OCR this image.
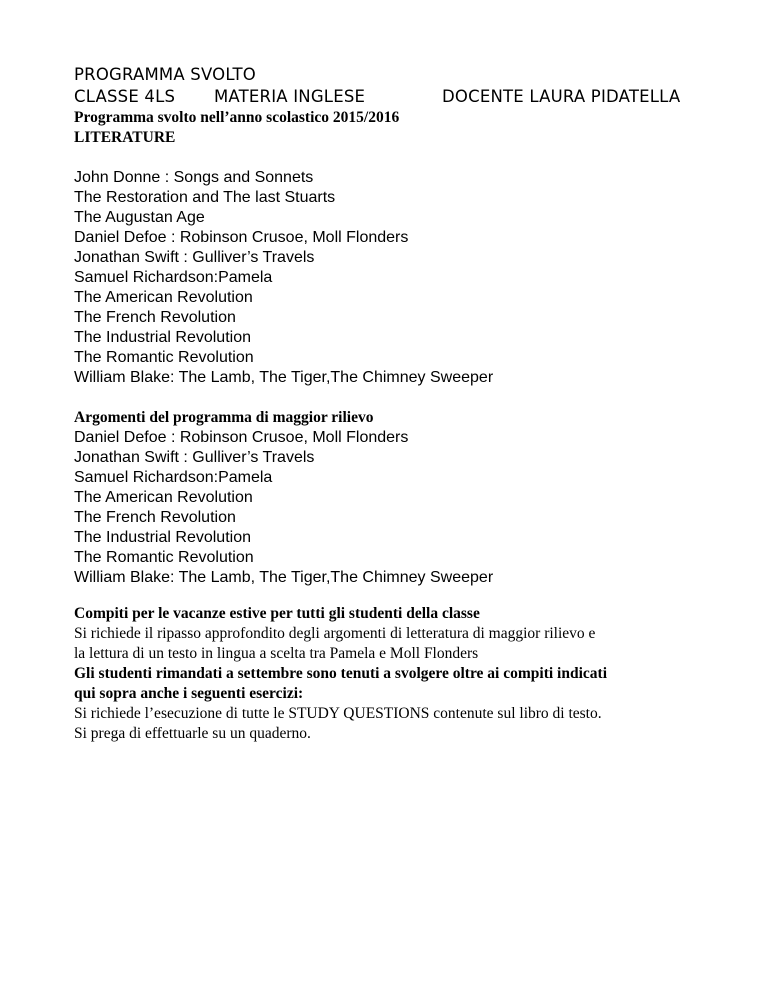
PROGRAMMA SVOLTO
CLASSE 4LS MATERIA INGLESE	DOCENTE LAURA PIDATELLA
Programma svolto nell’anno scolastico 2015/2016
LITERATURE
John Donne : Songs and Sonnets
The Restoration and The last Stuarts
The Augustan Age
Daniel Defoe : Robinson Crusoe, Moll Flonders
Jonathan Swift : Gulliver’s Travels
Samuel Richardson:Pamela
The American Revolution
The French Revolution
The Industrial Revolution
The Romantic Revolution
William Blake: The Lamb, The Tiger,The Chimney Sweeper
Argomenti del programma di maggior rilievo
Daniel Defoe : Robinson Crusoe, Moll Flonders
Jonathan Swift : Gulliver’s Travels
Samuel Richardson:Pamela
The American Revolution
The French Revolution
The Industrial Revolution
The Romantic Revolution
William Blake: The Lamb, The Tiger,The Chimney Sweeper
Compiti per le vacanze estive per tutti gli studenti della classe
Si richiede il ripasso approfondito degli argomenti di letteratura di maggior rilievo e
la lettura di un testo in lingua a scelta tra Pamela e Moll Flonders
Gli studenti rimandati a settembre sono tenuti a svolgere oltre ai compiti indicati
qui sopra anche i seguenti esercizi:
Si richiede l’esecuzione di tutte le STUDY QUESTIONS contenute sul libro di testo.
Si prega di effettuarle su un quaderno.
